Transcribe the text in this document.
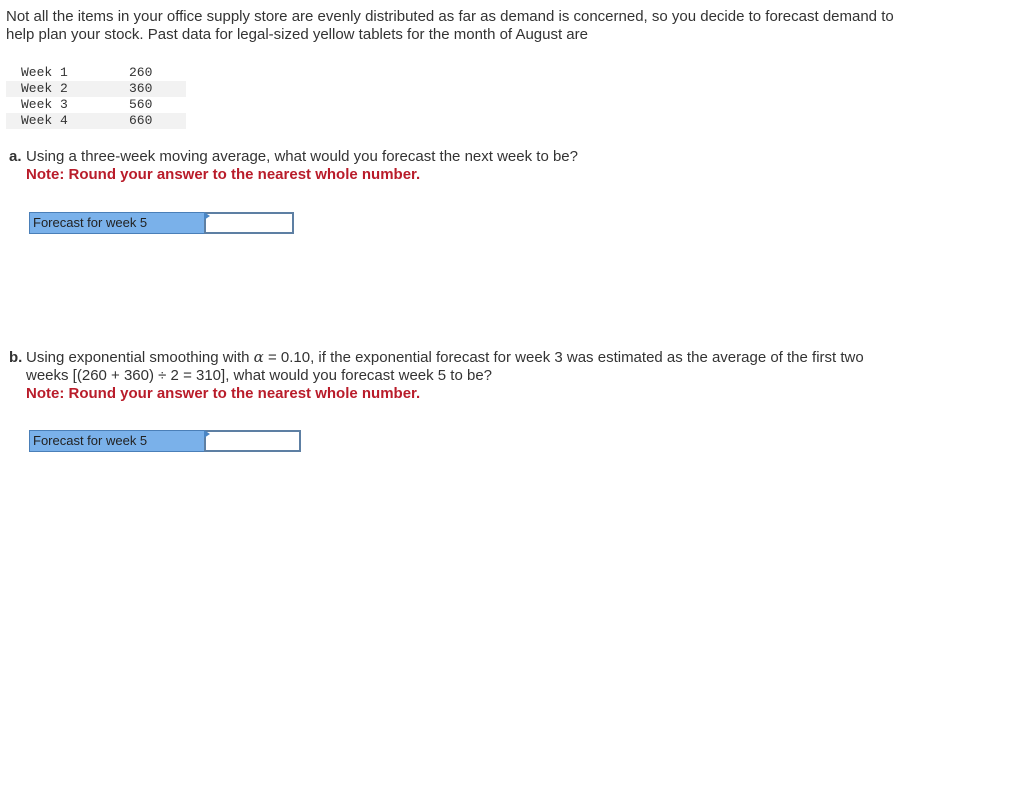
Not all the items in your office supply store are evenly distributed as far as demand is concerned, so you decide to forecast demand to
help plan your stock. Past data for legal-sized yellow tablets for the month of August are
Week 1	260
Week 2	360
Week 3	560
Week 4	660
a. Using a three-week moving average, what would you forecast the next week to be?
Note: Round your answer to the nearest whole number.
Forecast for week 5
b. Using exponential smoothing with α = 0.10, if the exponential forecast for week 3 was estimated as the average of the first two
weeks [(260 + 360) ÷ 2 = 310], what would you forecast week 5 to be?
Note: Round your answer to the nearest whole number.
Forecast for week 5
